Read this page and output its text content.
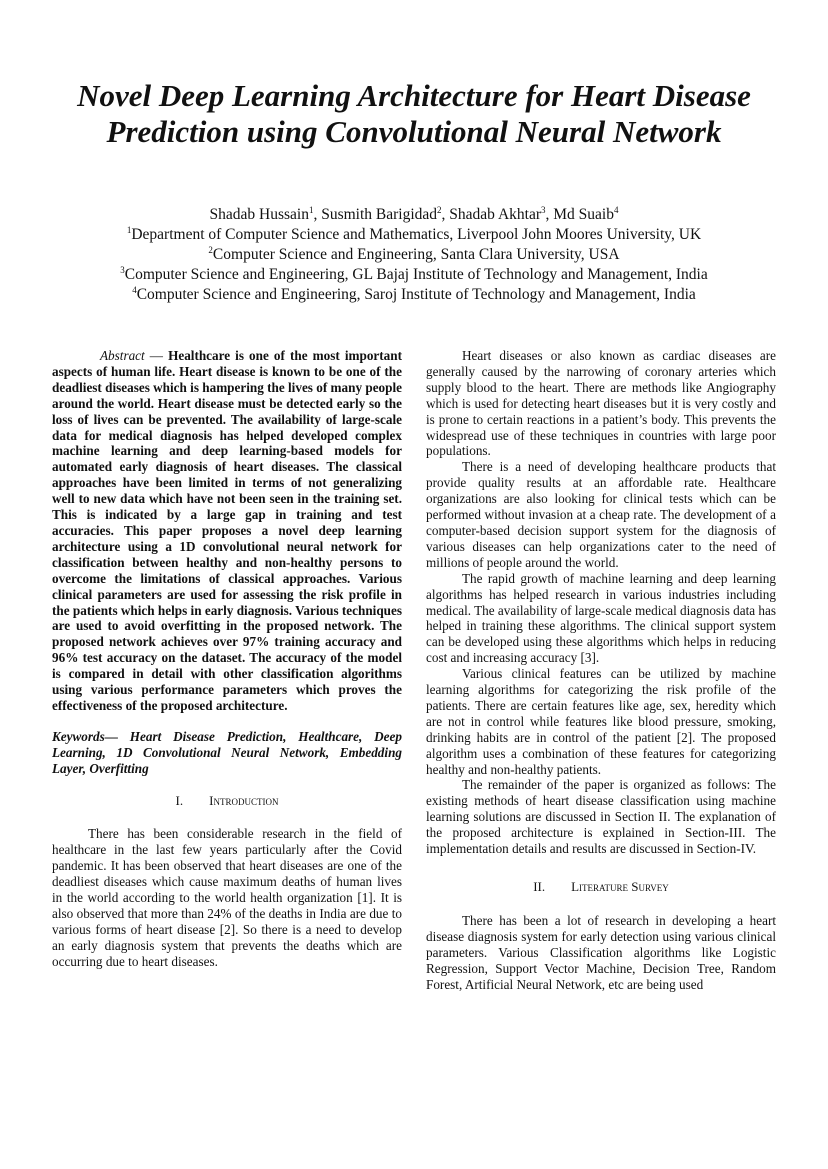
Novel Deep Learning Architecture for Heart Disease Prediction using Convolutional Neural Network
Shadab Hussain$^1$, Susmith Barigidad$^2$, Shadab Akhtar$^3$, Md Suaib$^4$
$^1$Department of Computer Science and Mathematics, Liverpool John Moores University, UK
$^2$Computer Science and Engineering, Santa Clara University, USA
$^3$Computer Science and Engineering, GL Bajaj Institute of Technology and Management, India
$^4$Computer Science and Engineering, Saroj Institute of Technology and Management, India

Abstract — Healthcare is one of the most important aspects of human life. Heart disease is known to be one of the deadliest diseases which is hampering the lives of many people around the world. Heart disease must be detected early so the loss of lives can be prevented. The availability of large-scale data for medical diagnosis has helped developed complex machine learning and deep learning-based models for automated early diagnosis of heart diseases. The classical approaches have been limited in terms of not generalizing well to new data which have not been seen in the training set. This is indicated by a large gap in training and test accuracies. This paper proposes a novel deep learning architecture using a 1D convolutional neural network for classification between healthy and non-healthy persons to overcome the limitations of classical approaches. Various clinical parameters are used for assessing the risk profile in the patients which helps in early diagnosis. Various techniques are used to avoid overfitting in the proposed network. The proposed network achieves over 97% training accuracy and 96% test accuracy on the dataset. The accuracy of the model is compared in detail with other classification algorithms using various performance parameters which proves the effectiveness of the proposed architecture.

Keywords— Heart Disease Prediction, Healthcare, Deep Learning, 1D Convolutional Neural Network, Embedding Layer, Overfitting

I. Introduction

There has been considerable research in the field of healthcare in the last few years particularly after the Covid pandemic. It has been observed that heart diseases are one of the deadliest diseases which cause maximum deaths of human lives in the world according to the world health organization [1]. It is also observed that more than 24% of the deaths in India are due to various forms of heart disease [2]. So there is a need to develop an early diagnosis system that prevents the deaths which are occurring due to heart diseases.

Heart diseases or also known as cardiac diseases are generally caused by the narrowing of coronary arteries which supply blood to the heart. There are methods like Angiography which is used for detecting heart diseases but it is very costly and is prone to certain reactions in a patient’s body. This prevents the widespread use of these techniques in countries with large poor populations.

There is a need of developing healthcare products that provide quality results at an affordable rate. Healthcare organizations are also looking for clinical tests which can be performed without invasion at a cheap rate. The development of a computer-based decision support system for the diagnosis of various diseases can help organizations cater to the need of millions of people around the world.

The rapid growth of machine learning and deep learning algorithms has helped research in various industries including medical. The availability of large-scale medical diagnosis data has helped in training these algorithms. The clinical support system can be developed using these algorithms which helps in reducing cost and increasing accuracy [3].

Various clinical features can be utilized by machine learning algorithms for categorizing the risk profile of the patients. There are certain features like age, sex, heredity which are not in control while features like blood pressure, smoking, drinking habits are in control of the patient [2]. The proposed algorithm uses a combination of these features for categorizing healthy and non-healthy patients.

The remainder of the paper is organized as follows: The existing methods of heart disease classification using machine learning solutions are discussed in Section II. The explanation of the proposed architecture is explained in Section-III. The implementation details and results are discussed in Section-IV.

II. Literature Survey

There has been a lot of research in developing a heart disease diagnosis system for early detection using various clinical parameters. Various Classification algorithms like Logistic Regression, Support Vector Machine, Decision Tree, Random Forest, Artificial Neural Network, etc are being used
